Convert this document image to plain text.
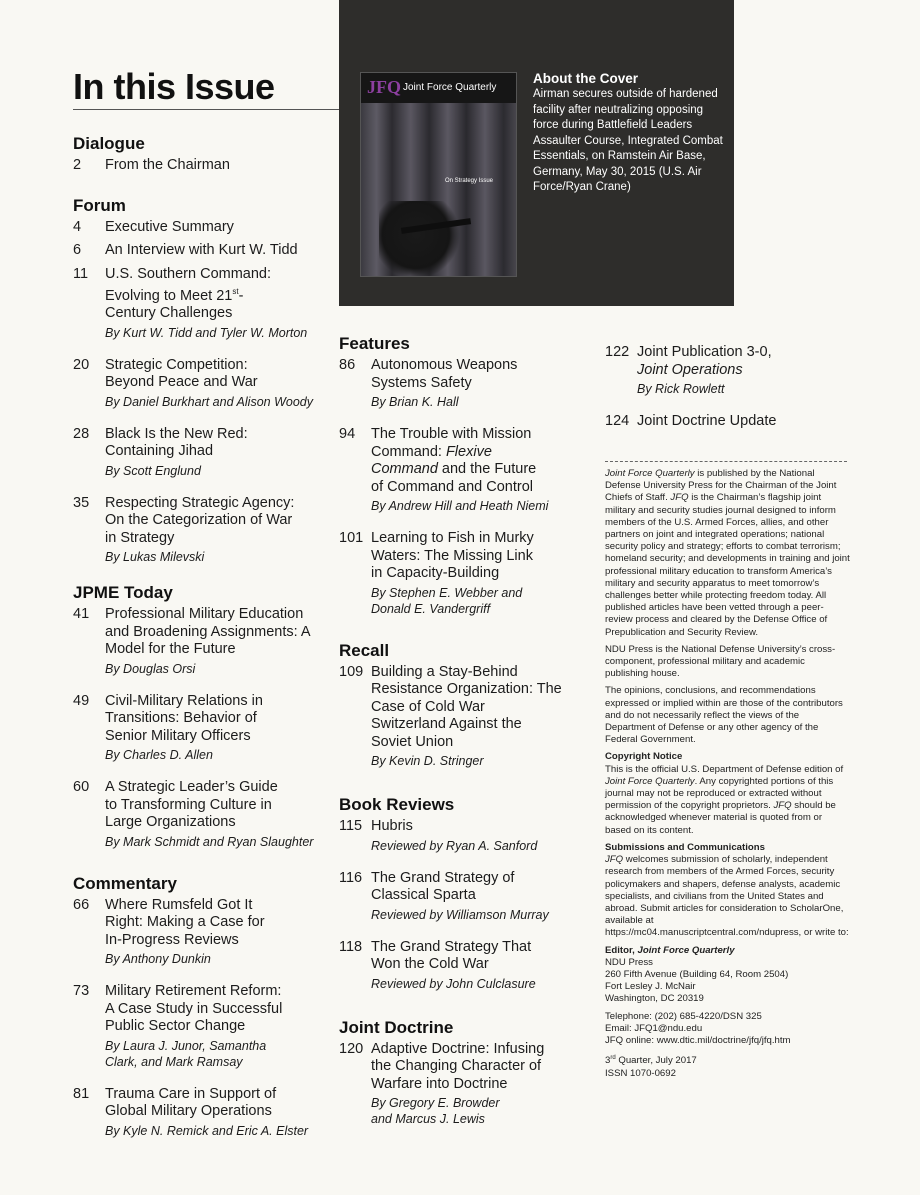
JFQ Joint Force Quarterly
On Strategy Issue
About the Cover
Airman secures outside of hardened facility after neutralizing opposing force during Battlefield Leaders Assaulter Course, Integrated Combat Essentials, on Ramstein Air Base, Germany, May 30, 2015 (U.S. Air Force/Ryan Crane)
In this Issue
Dialogue
2	From the Chairman
Forum
4	Executive Summary
6	An Interview with Kurt W. Tidd
11	U.S. Southern Command: Evolving to Meet 21st-Century Challenges
By Kurt W. Tidd and Tyler W. Morton
20	Strategic Competition: Beyond Peace and War
By Daniel Burkhart and Alison Woody
28	Black Is the New Red: Containing Jihad
By Scott Englund
35	Respecting Strategic Agency: On the Categorization of War in Strategy
By Lukas Milevski
JPME Today
41	Professional Military Education and Broadening Assignments: A Model for the Future
By Douglas Orsi
49	Civil-Military Relations in Transitions: Behavior of Senior Military Officers
By Charles D. Allen
60	A Strategic Leader’s Guide to Transforming Culture in Large Organizations
By Mark Schmidt and Ryan Slaughter
Commentary
66	Where Rumsfeld Got It Right: Making a Case for In-Progress Reviews
By Anthony Dunkin
73	Military Retirement Reform: A Case Study in Successful Public Sector Change
By Laura J. Junor, Samantha Clark, and Mark Ramsay
81	Trauma Care in Support of Global Military Operations
By Kyle N. Remick and Eric A. Elster
Features
86	Autonomous Weapons Systems Safety
By Brian K. Hall
94	The Trouble with Mission Command: Flexive Command and the Future of Command and Control
By Andrew Hill and Heath Niemi
101 Learning to Fish in Murky Waters: The Missing Link in Capacity-Building
By Stephen E. Webber and Donald E. Vandergriff
Recall
109 Building a Stay-Behind Resistance Organization: The Case of Cold War Switzerland Against the Soviet Union
By Kevin D. Stringer
Book Reviews
115 Hubris
Reviewed by Ryan A. Sanford
116 The Grand Strategy of Classical Sparta
Reviewed by Williamson Murray
118 The Grand Strategy That Won the Cold War
Reviewed by John Culclasure
Joint Doctrine
120 Adaptive Doctrine: Infusing the Changing Character of Warfare into Doctrine
By Gregory E. Browder and Marcus J. Lewis
122 Joint Publication 3-0,
Joint Operations
By Rick Rowlett
124 Joint Doctrine Update

Joint Force Quarterly is published by the National Defense University Press for the Chairman of the Joint Chiefs of Staff. JFQ is the Chairman’s flagship joint military and security studies journal designed to inform members of the U.S. Armed Forces, allies, and other partners on joint and integrated operations; national security policy and strategy; efforts to combat terrorism; homeland security; and developments in training and joint professional military education to transform America’s military and security apparatus to meet tomorrow’s challenges better while protecting freedom today. All published articles have been vetted through a peer-review process and cleared by the Defense Office of Prepublication and Security Review.

NDU Press is the National Defense University’s cross-component, professional military and academic publishing house.

The opinions, conclusions, and recommendations expressed or implied within are those of the contributors and do not necessarily reflect the views of the Department of Defense or any other agency of the Federal Government.

Copyright Notice
This is the official U.S. Department of Defense edition of Joint Force Quarterly. Any copyrighted portions of this journal may not be reproduced or extracted without permission of the copyright proprietors. JFQ should be acknowledged whenever material is quoted from or based on its content.

Submissions and Communications
JFQ welcomes submission of scholarly, independent research from members of the Armed Forces, security policymakers and shapers, defense analysts, academic specialists, and civilians from the United States and abroad. Submit articles for consideration to ScholarOne, available at https://mc04.manuscriptcentral.com/ndupress, or write to:

Editor, Joint Force Quarterly
NDU Press
260 Fifth Avenue (Building 64, Room 2504)
Fort Lesley J. McNair
Washington, DC 20319

Telephone: (202) 685-4220/DSN 325
Email: JFQ1@ndu.edu
JFQ online: www.dtic.mil/doctrine/jfq/jfq.htm

3rd Quarter, July 2017
ISSN 1070-0692
